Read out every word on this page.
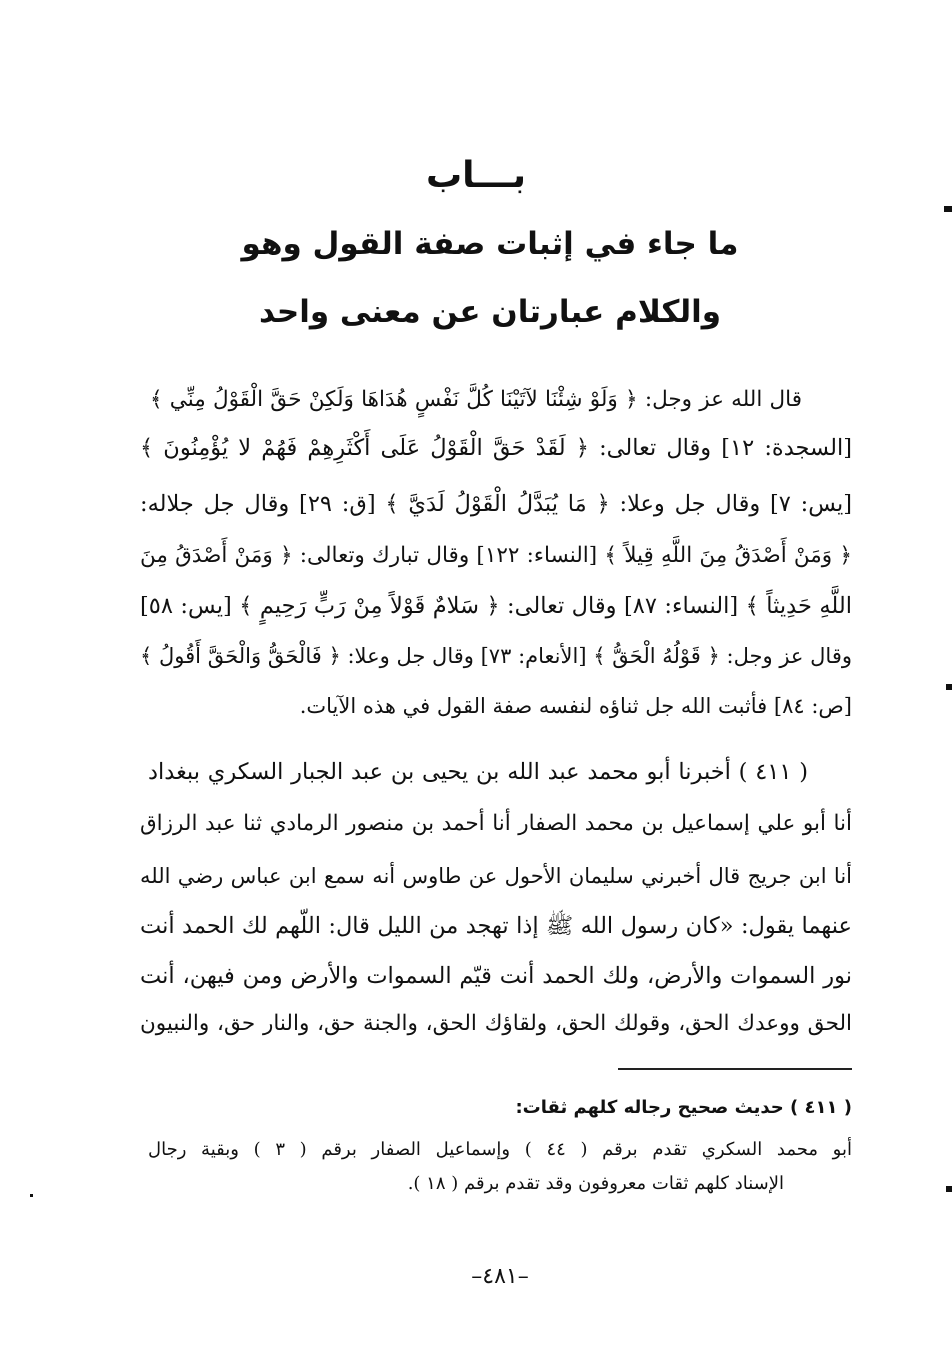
بـــاب
ما جاء في إثبات صفة القول وهو
والكلام عبارتان عن معنى واحد
قال الله عز وجل: ﴿ وَلَوْ شِئْنَا لآتَيْنَا كُلَّ نَفْسٍ هُدَاهَا وَلَكِنْ حَقَّ الْقَوْلُ مِنِّي ﴾
[السجدة: ١٢] وقال تعالى: ﴿ لَقَدْ حَقَّ الْقَوْلُ عَلَى أَكْثَرِهِمْ فَهُمْ لا يُؤْمِنُونَ ﴾
[يس: ٧] وقال جل وعلا: ﴿ مَا يُبَدَّلُ الْقَوْلُ لَدَيَّ ﴾ [ق: ٢٩] وقال جل جلاله:
﴿ وَمَنْ أَصْدَقُ مِنَ اللَّهِ قِيلاً ﴾ [النساء: ١٢٢] وقال تبارك وتعالى: ﴿ وَمَنْ أَصْدَقُ مِنَ
اللَّهِ حَدِيثاً ﴾ [النساء: ٨٧] وقال تعالى: ﴿ سَلامٌ قَوْلاً مِنْ رَبٍّ رَحِيمٍ ﴾ [يس: ٥٨]
وقال عز وجل: ﴿ قَوْلُهُ الْحَقُّ ﴾ [الأنعام: ٧٣] وقال جل وعلا: ﴿ فَالْحَقُّ وَالْحَقَّ أَقُولُ ﴾
[ص: ٨٤] فأثبت الله جل ثناؤه لنفسه صفة القول في هذه الآيات.
( ٤١١ ) أخبرنا أبو محمد عبد الله بن يحيى بن عبد الجبار السكري ببغداد
أنا أبو علي إسماعيل بن محمد الصفار أنا أحمد بن منصور الرمادي ثنا عبد الرزاق
أنا ابن جريج قال أخبرني سليمان الأحول عن طاوس أنه سمع ابن عباس رضي الله
عنهما يقول: «كان رسول الله ﷺ إذا تهجد من الليل قال: اللّهم لك الحمد أنت
نور السموات والأرض، ولك الحمد أنت قيّم السموات والأرض ومن فيهن، أنت
الحق ووعدك الحق، وقولك الحق، ولقاؤك الحق، والجنة حق، والنار حق، والنبيون
( ٤١١ ) حديث صحيح رجاله كلهم ثقات:
أبو محمد السكري تقدم برقم ( ٤٤ ) وإسماعيل الصفار برقم ( ٣ ) وبقية رجال
الإسناد كلهم ثقات معروفون وقد تقدم برقم ( ١٨ ).
–٤٨١–
